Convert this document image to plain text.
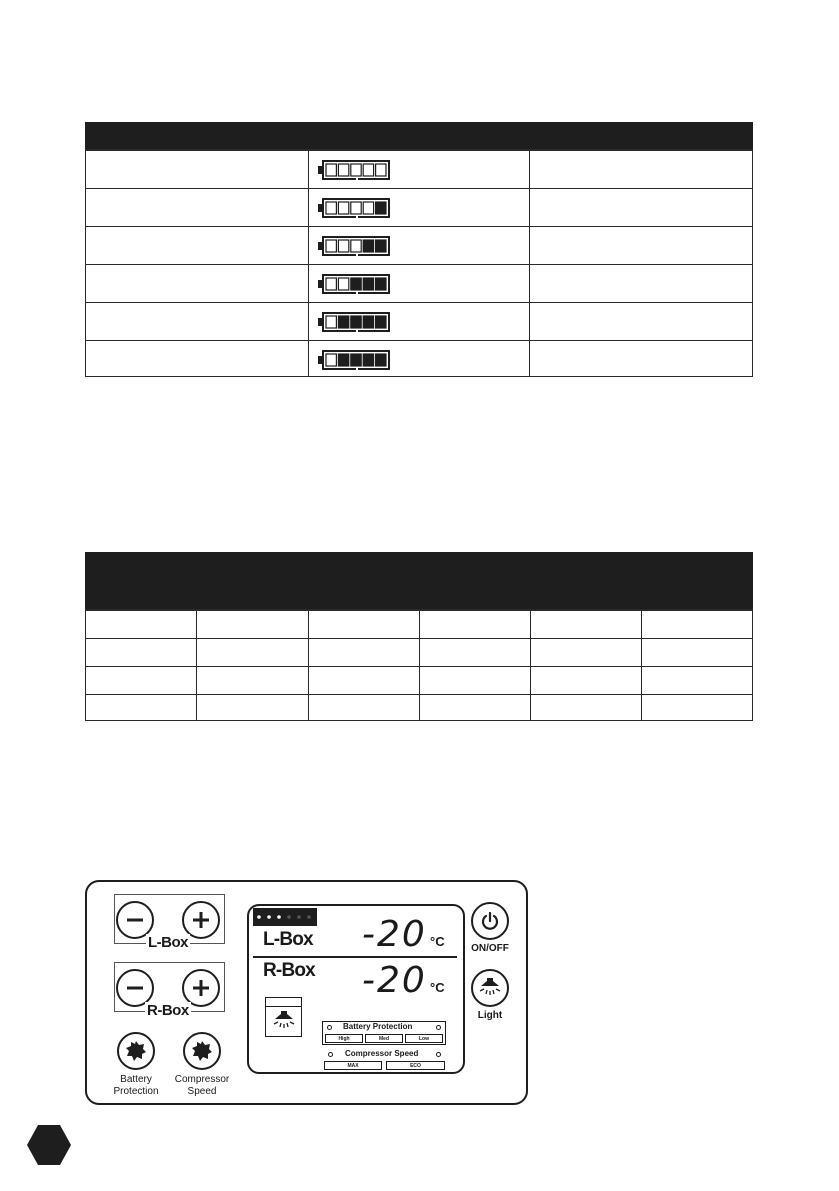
L-Box
R-Box
Battery
Protection
Compressor
Speed
L-Box -20 °C
R-Box -20 °C
Battery Protection
High	Med	Low
Compressor Speed
MAX	ECO
ON/OFF
Light
